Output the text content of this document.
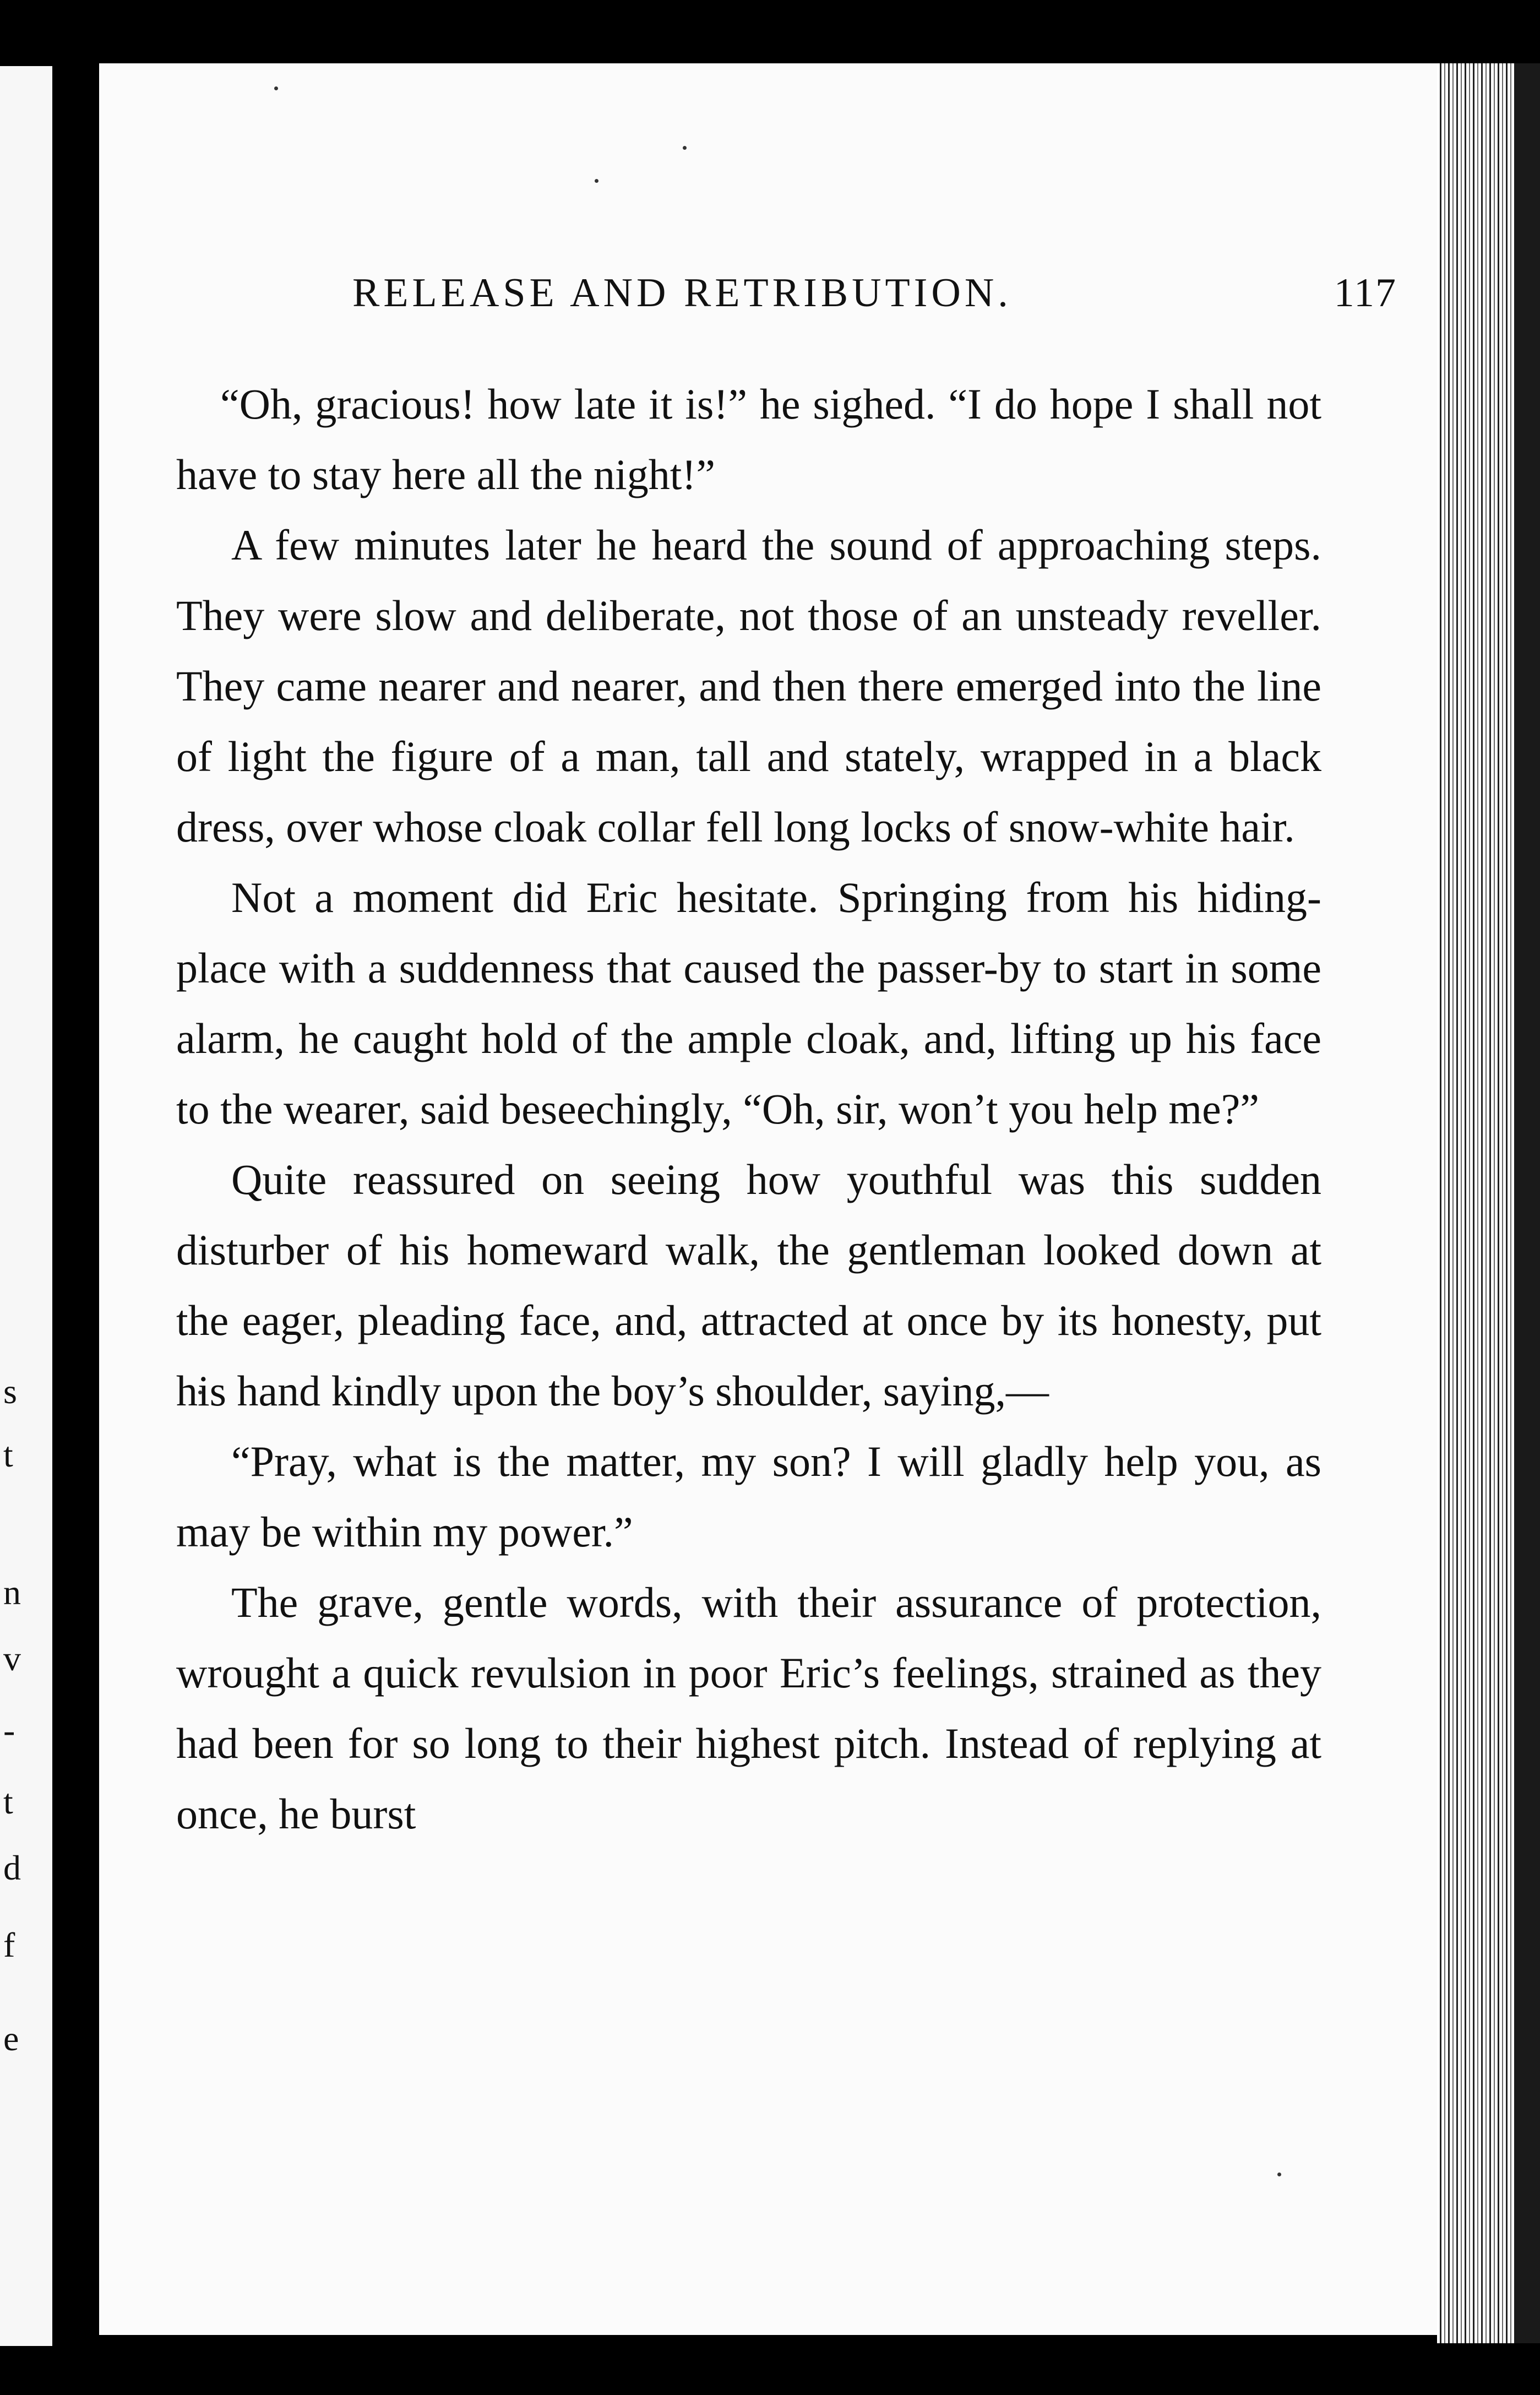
s
t
n
v
-
t
d
f
e
RELEASE AND RETRIBUTION.	117

“Oh, gracious! how late it is!” he sighed. “I do hope I shall not have to stay here all the night!”

A few minutes later he heard the sound of approaching steps. They were slow and deliberate, not those of an unsteady reveller. They came nearer and nearer, and then there emerged into the line of light the figure of a man, tall and stately, wrapped in a black dress, over whose cloak collar fell long locks of snow-white hair.

Not a moment did Eric hesitate. Springing from his hiding-place with a suddenness that caused the passer-by to start in some alarm, he caught hold of the ample cloak, and, lifting up his face to the wearer, said beseechingly, “Oh, sir, won’t you help me?”

Quite reassured on seeing how youthful was this sudden disturber of his homeward walk, the gentleman looked down at the eager, pleading face, and, attracted at once by its honesty, put his hand kindly upon the boy’s shoulder, saying,—

“Pray, what is the matter, my son? I will gladly help you, as may be within my power.”

The grave, gentle words, with their assurance of protection, wrought a quick revulsion in poor Eric’s feelings, strained as they had been for so long to their highest pitch. Instead of replying at once, he burst
